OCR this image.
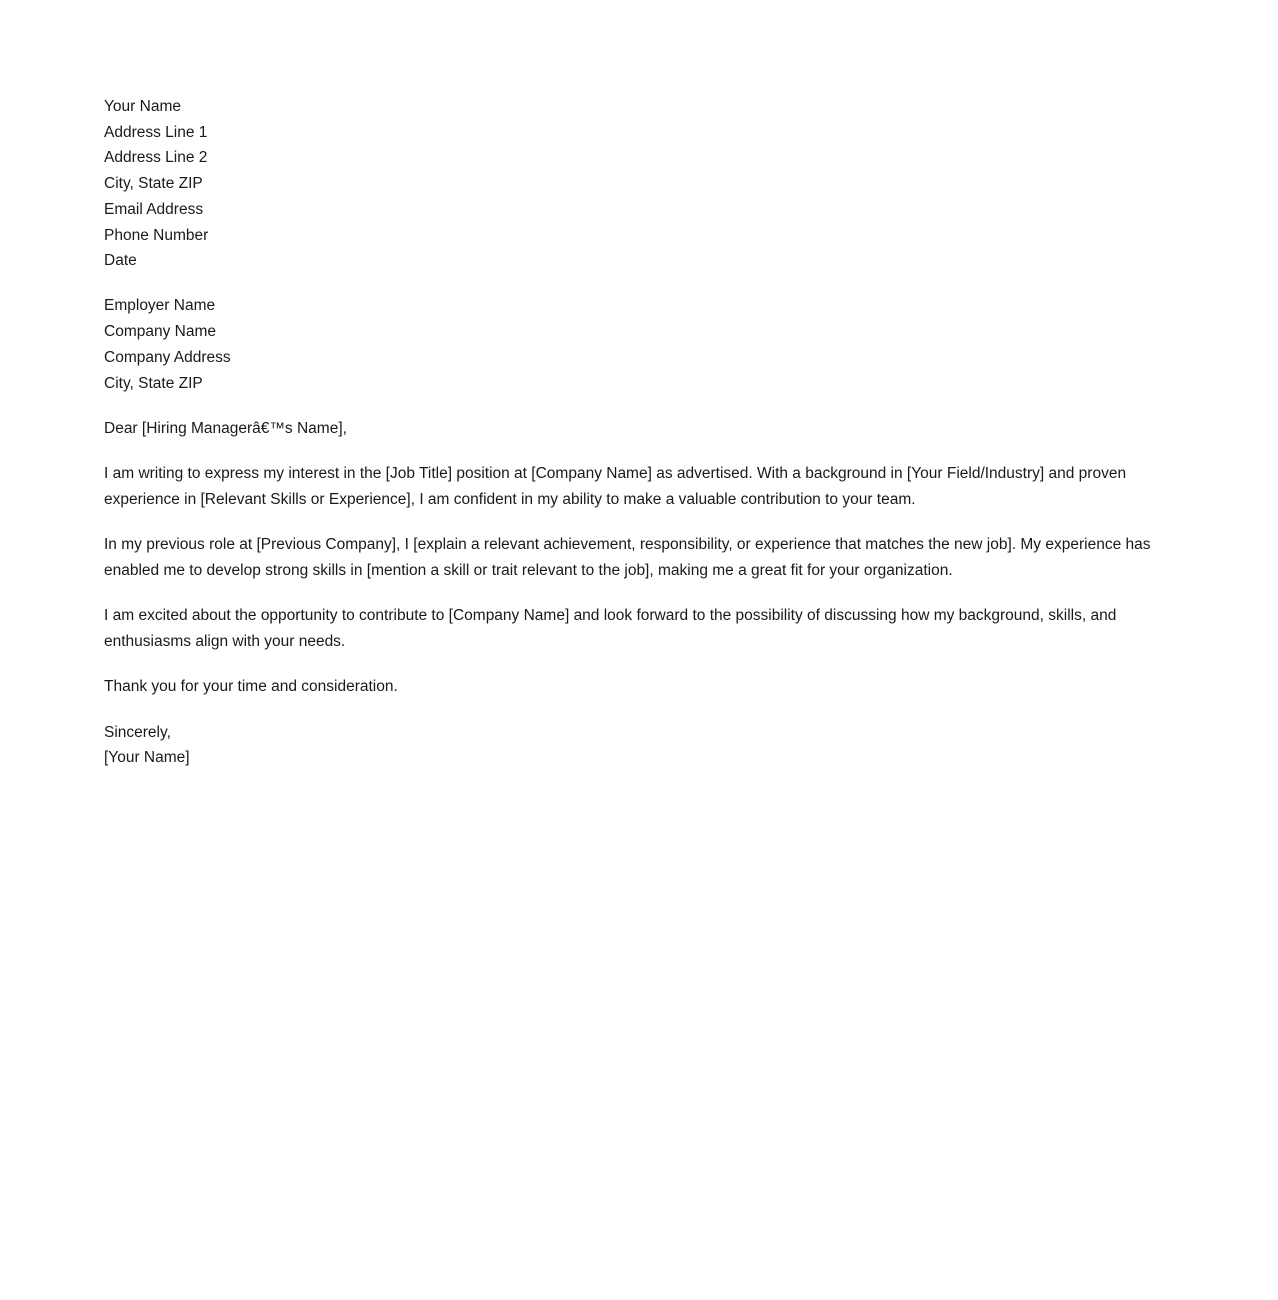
Your Name
Address Line 1
Address Line 2
City, State ZIP
Email Address
Phone Number
Date
Employer Name
Company Name
Company Address
City, State ZIP
Dear [Hiring Managerâ€™s Name],

I am writing to express my interest in the [Job Title] position at [Company Name] as advertised. With a background in [Your Field/Industry] and proven experience in [Relevant Skills or Experience], I am confident in my ability to make a valuable contribution to your team.

In my previous role at [Previous Company], I [explain a relevant achievement, responsibility, or experience that matches the new job]. My experience has enabled me to develop strong skills in [mention a skill or trait relevant to the job], making me a great fit for your organization.

I am excited about the opportunity to contribute to [Company Name] and look forward to the possibility of discussing how my background, skills, and enthusiasms align with your needs.

Thank you for your time and consideration.

Sincerely,
[Your Name]
